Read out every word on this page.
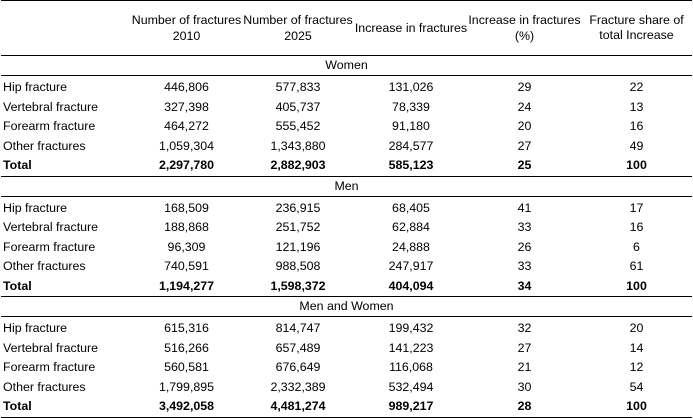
	Number of fractures 2010	Number of fractures 2025	Increase in fractures	Increase in fractures (%)	Fracture share of total Increase
Women					
Hip fracture	446,806	577,833	131,026	29	22
Vertebral fracture	327,398	405,737	78,339	24	13
Forearm fracture	464,272	555,452	91,180	20	16
Other fractures	1,059,304	1,343,880	284,577	27	49
Total	2,297,780	2,882,903	585,123	25	100
Men					
Hip fracture	168,509	236,915	68,405	41	17
Vertebral fracture	188,868	251,752	62,884	33	16
Forearm fracture	96,309	121,196	24,888	26	6
Other fractures	740,591	988,508	247,917	33	61
Total	1,194,277	1,598,372	404,094	34	100
Men and Women					
Hip fracture	615,316	814,747	199,432	32	20
Vertebral fracture	516,266	657,489	141,223	27	14
Forearm fracture	560,581	676,649	116,068	21	12
Other fractures	1,799,895	2,332,389	532,494	30	54
Total	3,492,058	4,481,274	989,217	28	100
